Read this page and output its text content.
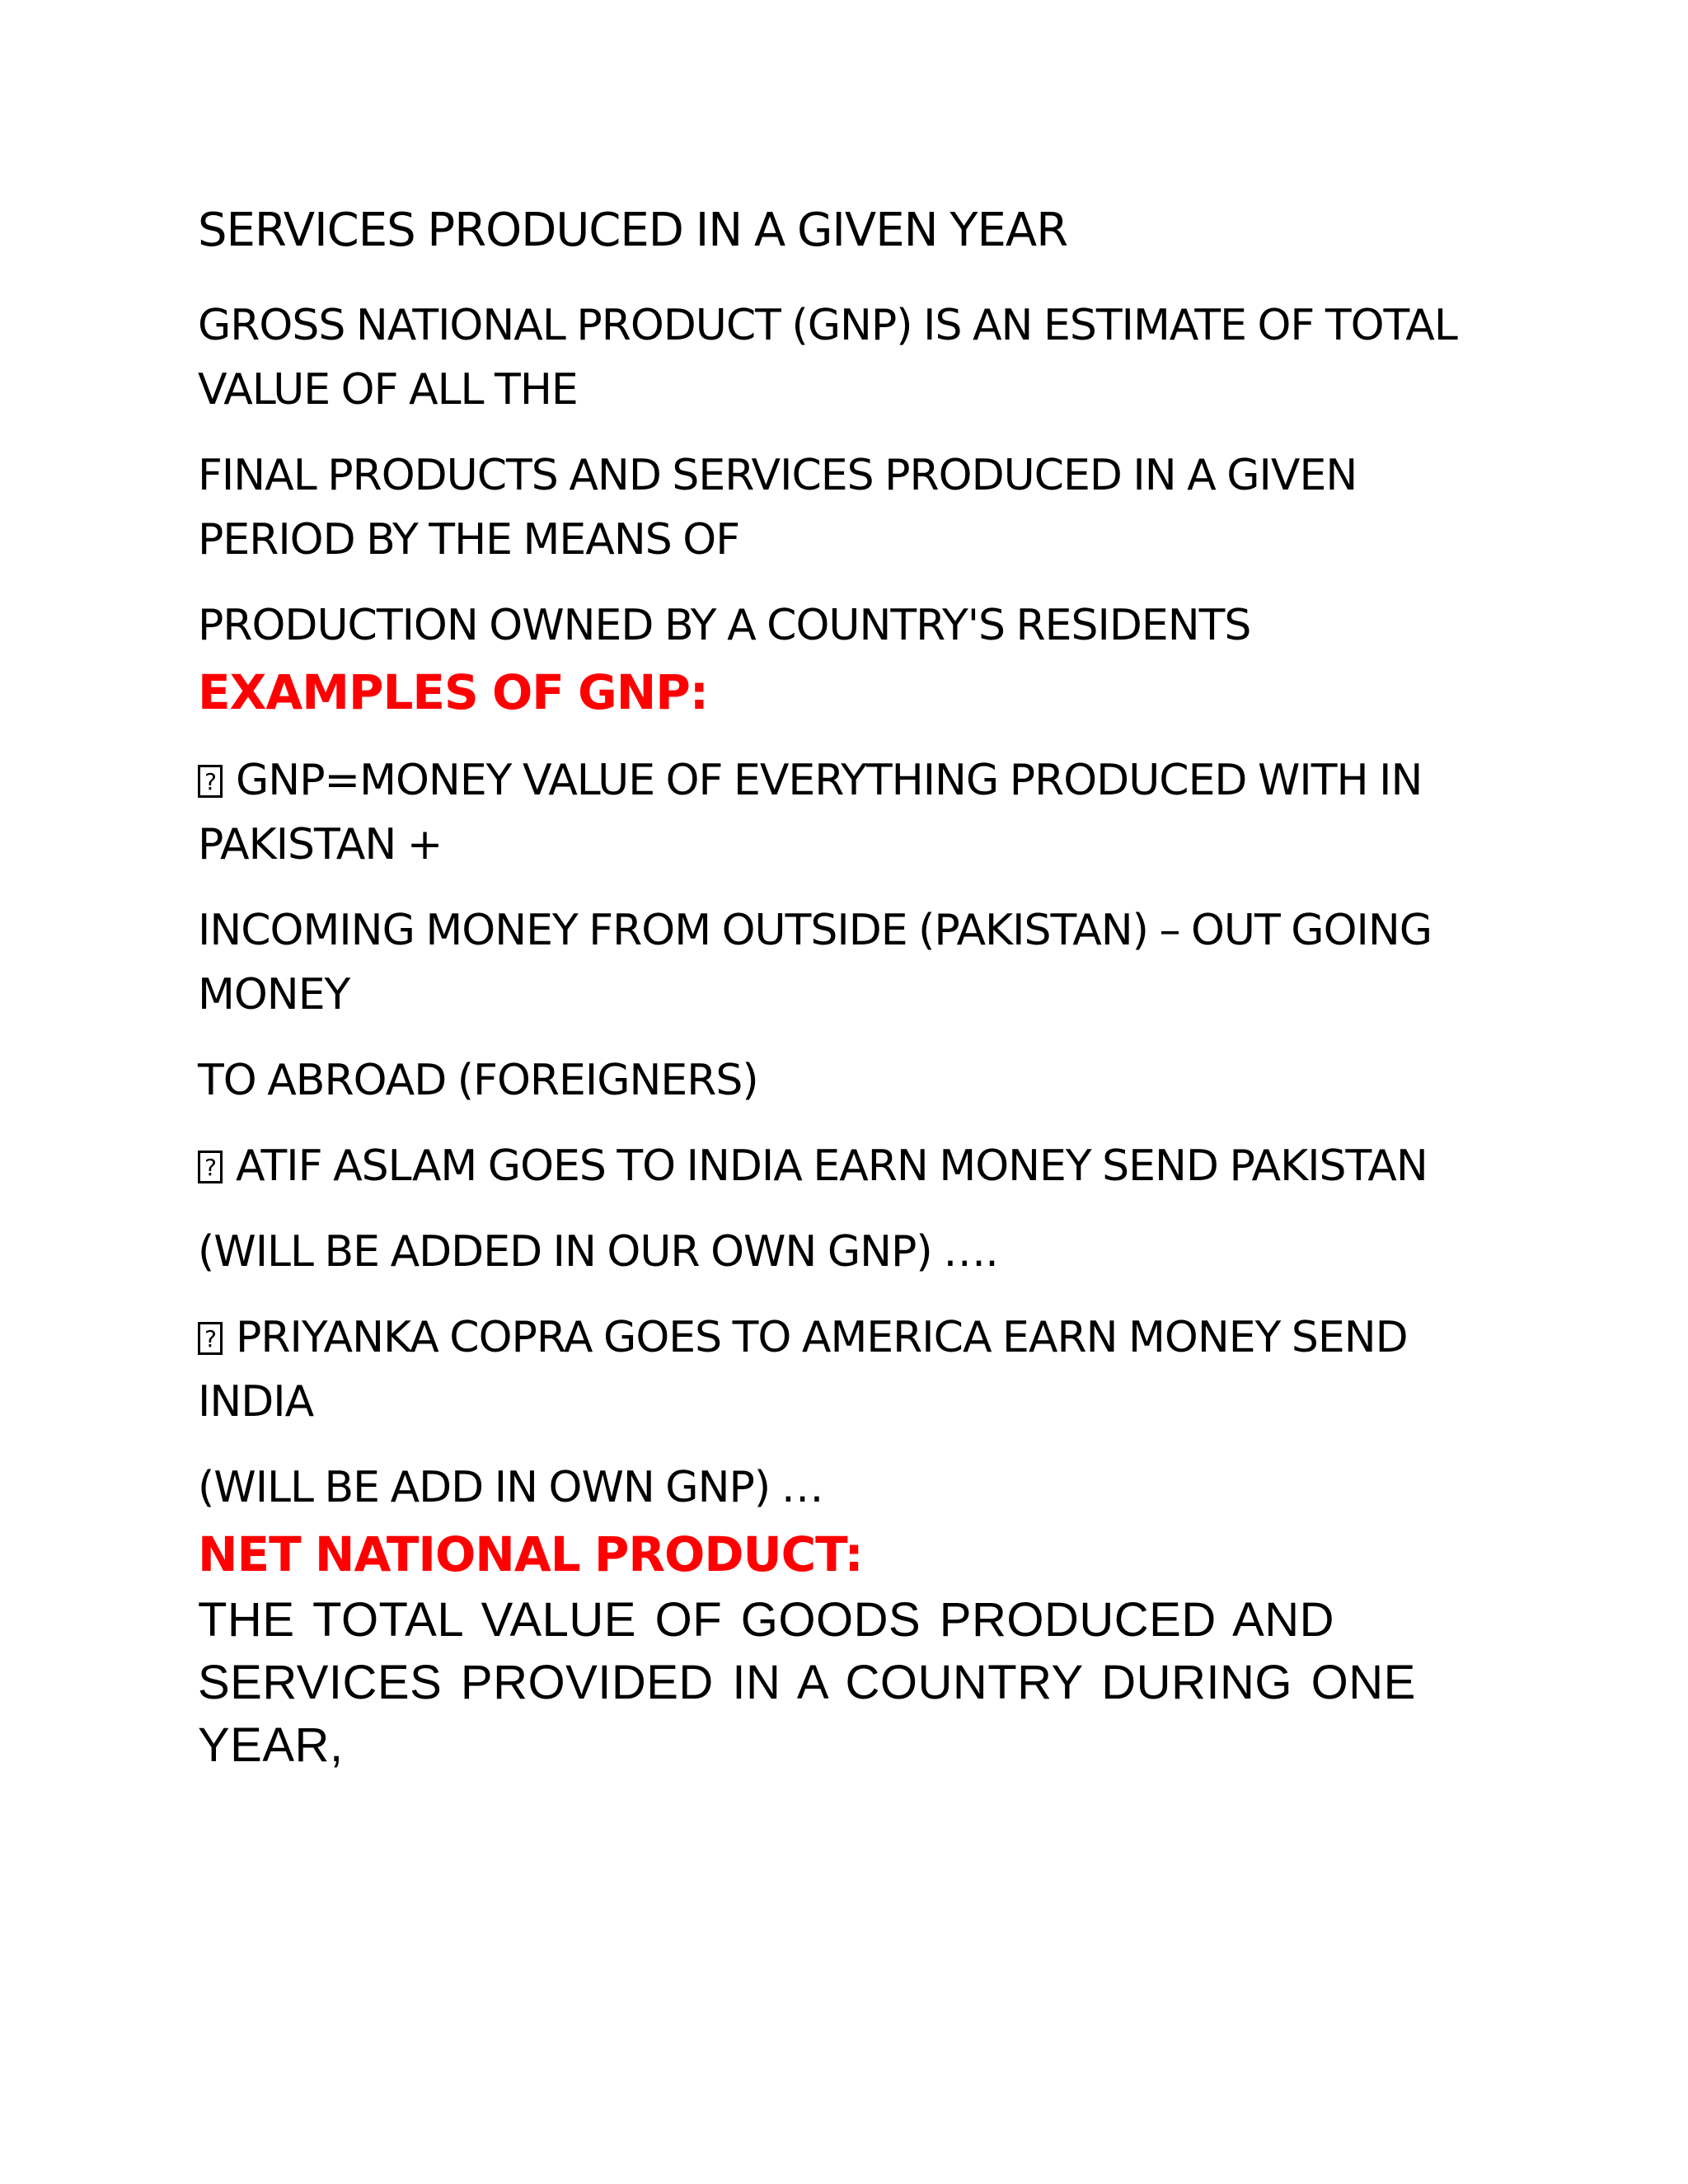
SERVICES PRODUCED IN A GIVEN YEAR

GROSS NATIONAL PRODUCT (GNP) IS AN ESTIMATE OF TOTAL VALUE OF ALL THE

FINAL PRODUCTS AND SERVICES PRODUCED IN A GIVEN PERIOD BY THE MEANS OF

PRODUCTION OWNED BY A COUNTRY'S RESIDENTS

EXAMPLES OF GNP:

?GNP=MONEY VALUE OF EVERYTHING PRODUCED WITH IN PAKISTAN +

INCOMING MONEY FROM OUTSIDE (PAKISTAN) – OUT GOING MONEY

TO ABROAD (FOREIGNERS)

?ATIF ASLAM GOES TO INDIA EARN MONEY SEND PAKISTAN

(WILL BE ADDED IN OUR OWN GNP) ….

?PRIYANKA COPRA GOES TO AMERICA EARN MONEY SEND INDIA

(WILL BE ADD IN OWN GNP) …

NET NATIONAL PRODUCT:

THE TOTAL VALUE OF GOODS PRODUCED AND SERVICES PROVIDED IN A COUNTRY DURING ONE YEAR,
